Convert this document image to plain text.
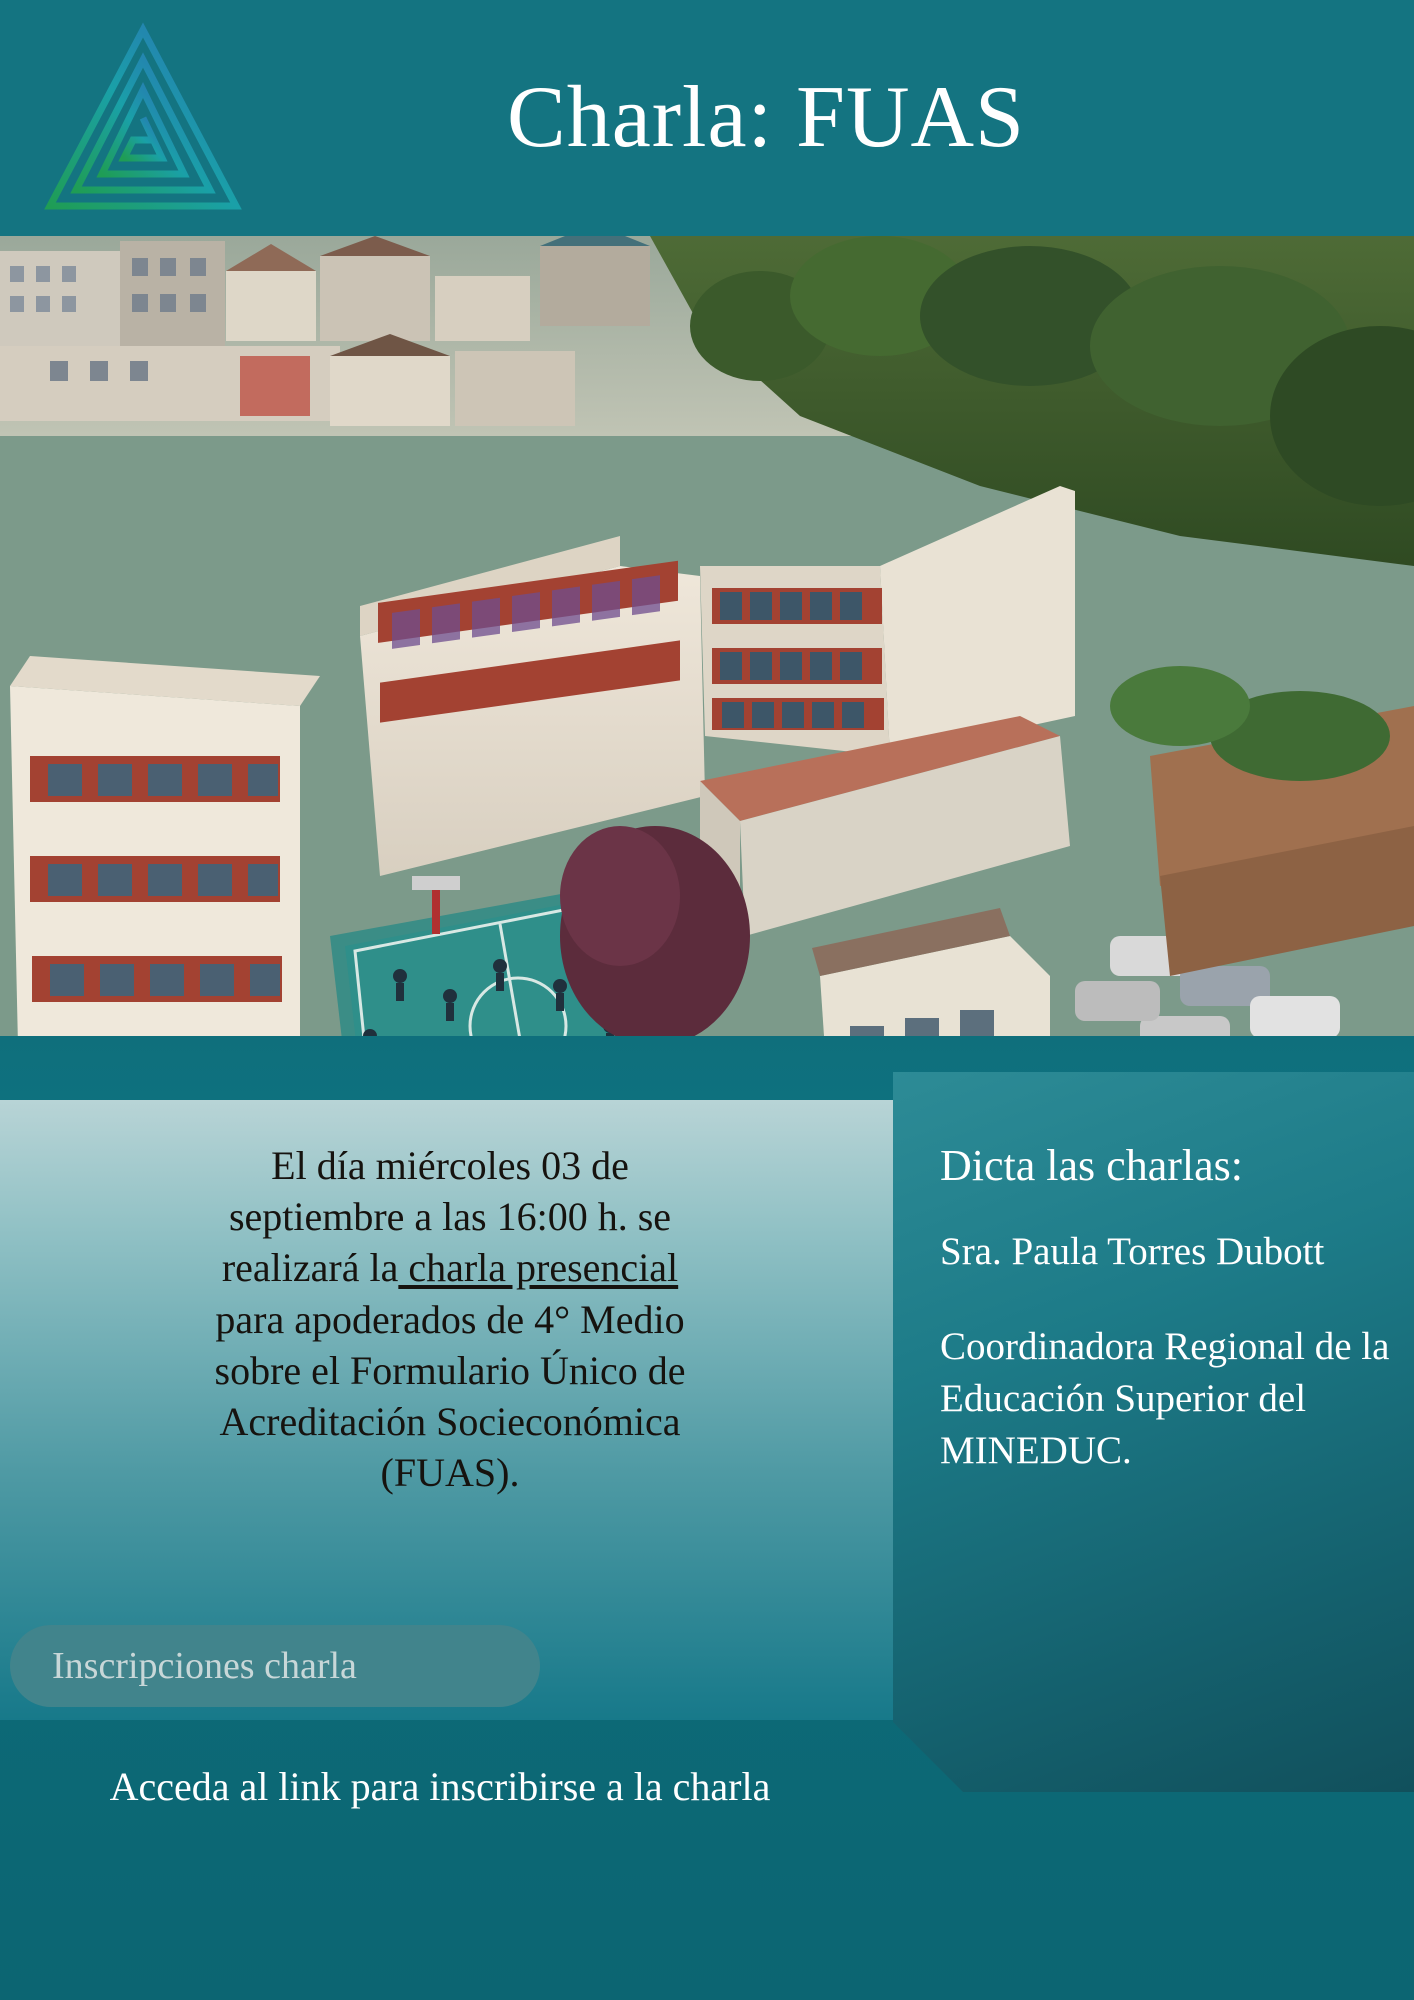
Charla: FUAS
El día miércoles 03 de
septiembre a las 16:00 h. se
realizará la charla presencial
para apoderados de 4° Medio
sobre el Formulario Único de
Acreditación Socieconómica
(FUAS).
Inscripciones charla
Acceda al link para inscribirse a la charla
Dicta las charlas:
Sra. Paula Torres Dubott
Coordinadora Regional de la Educación Superior del MINEDUC.
